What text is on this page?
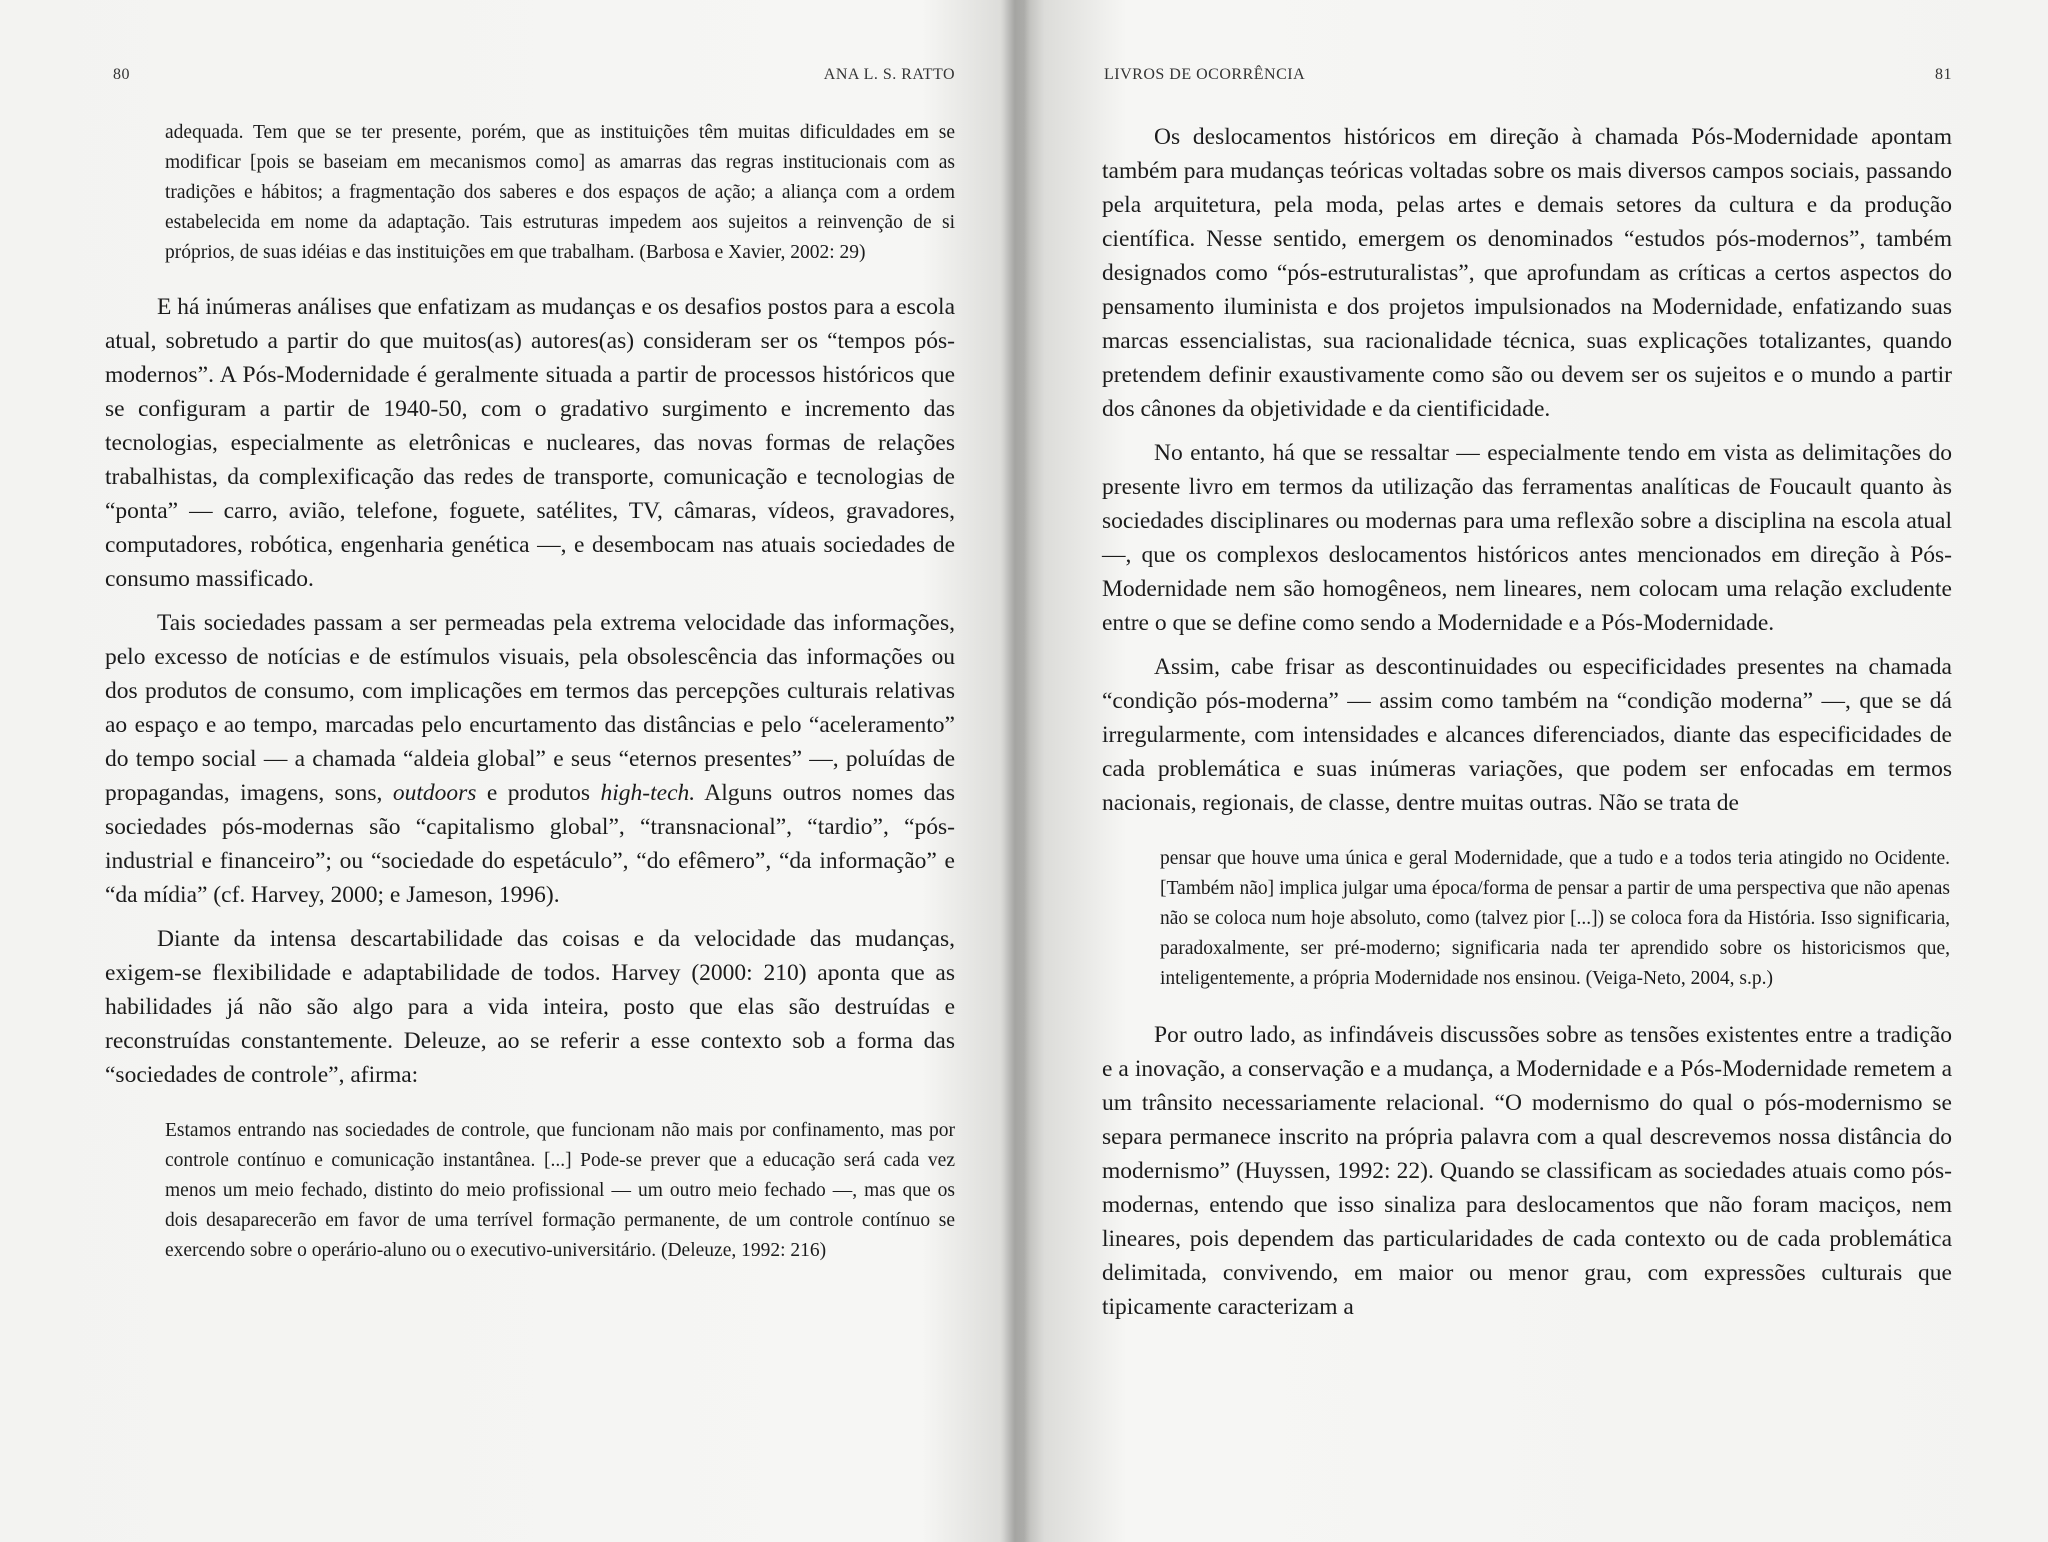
80	ANA L. S. RATTO

adequada. Tem que se ter presente, porém, que as instituições têm muitas dificuldades em se modificar [pois se baseiam em mecanismos como] as amarras das regras institucionais com as tradições e hábitos; a fragmentação dos saberes e dos espaços de ação; a aliança com a ordem estabelecida em nome da adaptação. Tais estruturas impedem aos sujeitos a reinvenção de si próprios, de suas idéias e das instituições em que trabalham. (Barbosa e Xavier, 2002: 29)

E há inúmeras análises que enfatizam as mudanças e os desafios postos para a escola atual, sobretudo a partir do que muitos(as) autores(as) consideram ser os “tempos pós-modernos”. A Pós-Modernidade é geralmente situada a partir de processos históricos que se configuram a partir de 1940-50, com o gradativo surgimento e incremento das tecnologias, especialmente as eletrônicas e nucleares, das novas formas de relações trabalhistas, da complexificação das redes de transporte, comunicação e tecnologias de “ponta” — carro, avião, telefone, foguete, satélites, TV, câmaras, vídeos, gravadores, computadores, robótica, engenharia genética —, e desembocam nas atuais sociedades de consumo massificado.

Tais sociedades passam a ser permeadas pela extrema velocidade das informações, pelo excesso de notícias e de estímulos visuais, pela obsolescência das informações ou dos produtos de consumo, com implicações em termos das percepções culturais relativas ao espaço e ao tempo, marcadas pelo encurtamento das distâncias e pelo “aceleramento” do tempo social — a chamada “aldeia global” e seus “eternos presentes” —, poluídas de propagandas, imagens, sons, outdoors e produtos high-tech. Alguns outros nomes das sociedades pós-modernas são “capitalismo global”, “transnacional”, “tardio”, “pós-industrial e financeiro”; ou “sociedade do espetáculo”, “do efêmero”, “da informação” e “da mídia” (cf. Harvey, 2000; e Jameson, 1996).

Diante da intensa descartabilidade das coisas e da velocidade das mudanças, exigem-se flexibilidade e adaptabilidade de todos. Harvey (2000: 210) aponta que as habilidades já não são algo para a vida inteira, posto que elas são destruídas e reconstruídas constantemente. Deleuze, ao se referir a esse contexto sob a forma das “sociedades de controle”, afirma:

Estamos entrando nas sociedades de controle, que funcionam não mais por confinamento, mas por controle contínuo e comunicação instantânea. [...] Pode-se prever que a educação será cada vez menos um meio fechado, distinto do meio profissional — um outro meio fechado —, mas que os dois desaparecerão em favor de uma terrível formação permanente, de um controle contínuo se exercendo sobre o operário-aluno ou o executivo-universitário. (Deleuze, 1992: 216)

LIVROS DE OCORRÊNCIA	81

Os deslocamentos históricos em direção à chamada Pós-Modernidade apontam também para mudanças teóricas voltadas sobre os mais diversos campos sociais, passando pela arquitetura, pela moda, pelas artes e demais setores da cultura e da produção científica. Nesse sentido, emergem os denominados “estudos pós-modernos”, também designados como “pós-estruturalistas”, que aprofundam as críticas a certos aspectos do pensamento iluminista e dos projetos impulsionados na Modernidade, enfatizando suas marcas essencialistas, sua racionalidade técnica, suas explicações totalizantes, quando pretendem definir exaustivamente como são ou devem ser os sujeitos e o mundo a partir dos cânones da objetividade e da cientificidade.

No entanto, há que se ressaltar — especialmente tendo em vista as delimitações do presente livro em termos da utilização das ferramentas analíticas de Foucault quanto às sociedades disciplinares ou modernas para uma reflexão sobre a disciplina na escola atual —, que os complexos deslocamentos históricos antes mencionados em direção à Pós-Modernidade nem são homogêneos, nem lineares, nem colocam uma relação excludente entre o que se define como sendo a Modernidade e a Pós-Modernidade.

Assim, cabe frisar as descontinuidades ou especificidades presentes na chamada “condição pós-moderna” — assim como também na “condição moderna” —, que se dá irregularmente, com intensidades e alcances diferenciados, diante das especificidades de cada problemática e suas inúmeras variações, que podem ser enfocadas em termos nacionais, regionais, de classe, dentre muitas outras. Não se trata de

pensar que houve uma única e geral Modernidade, que a tudo e a todos teria atingido no Ocidente. [Também não] implica julgar uma época/forma de pensar a partir de uma perspectiva que não apenas não se coloca num hoje absoluto, como (talvez pior [...]) se coloca fora da História. Isso significaria, paradoxalmente, ser pré-moderno; significaria nada ter aprendido sobre os historicismos que, inteligentemente, a própria Modernidade nos ensinou. (Veiga-Neto, 2004, s.p.)

Por outro lado, as infindáveis discussões sobre as tensões existentes entre a tradição e a inovação, a conservação e a mudança, a Modernidade e a Pós-Modernidade remetem a um trânsito necessariamente relacional. “O modernismo do qual o pós-modernismo se separa permanece inscrito na própria palavra com a qual descrevemos nossa distância do modernismo” (Huyssen, 1992: 22). Quando se classificam as sociedades atuais como pós-modernas, entendo que isso sinaliza para deslocamentos que não foram maciços, nem lineares, pois dependem das particularidades de cada contexto ou de cada problemática delimitada, convivendo, em maior ou menor grau, com expressões culturais que tipicamente caracterizam a
